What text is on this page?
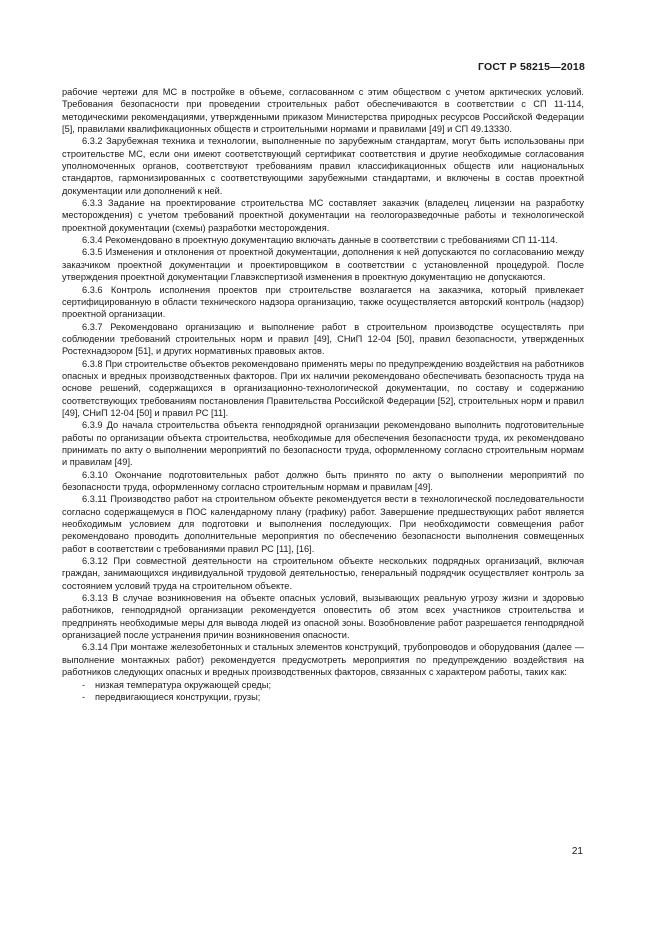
ГОСТ Р 58215—2018

рабочие чертежи для МС в постройке в объеме, согласованном с этим обществом с учетом арктических условий. Требования безопасности при проведении строительных работ обеспечиваются в соответствии с СП 11-114, методическими рекомендациями, утвержденными приказом Министерства природных ресурсов Российской Федерации [5], правилами квалификационных обществ и строительными нормами и правилами [49] и СП 49.13330.

6.3.2 Зарубежная техника и технологии, выполненные по зарубежным стандартам, могут быть использованы при строительстве МС, если они имеют соответствующий сертификат соответствия и другие необходимые согласования уполномоченных органов, соответствуют требованиям правил классификационных обществ или национальных стандартов, гармонизированных с соответствующими зарубежными стандартами, и включены в состав проектной документации или дополнений к ней.

6.3.3 Задание на проектирование строительства МС составляет заказчик (владелец лицензии на разработку месторождения) с учетом требований проектной документации на геологоразведочные работы и технологической проектной документации (схемы) разработки месторождения.

6.3.4 Рекомендовано в проектную документацию включать данные в соответствии с требованиями СП 11-114.

6.3.5 Изменения и отклонения от проектной документации, дополнения к ней допускаются по согласованию между заказчиком проектной документации и проектировщиком в соответствии с установленной процедурой. После утверждения проектной документации Главэкспертизой изменения в проектную документацию не допускаются.

6.3.6 Контроль исполнения проектов при строительстве возлагается на заказчика, который привлекает сертифицированную в области технического надзора организацию, также осуществляется авторский контроль (надзор) проектной организации.

6.3.7 Рекомендовано организацию и выполнение работ в строительном производстве осуществлять при соблюдении требований строительных норм и правил [49], СНиП 12-04 [50], правил безопасности, утвержденных Ростехнадзором [51], и других нормативных правовых актов.

6.3.8 При строительстве объектов рекомендовано применять меры по предупреждению воздействия на работников опасных и вредных производственных факторов. При их наличии рекомендовано обеспечивать безопасность труда на основе решений, содержащихся в организационно-технологической документации, по составу и содержанию соответствующих требованиям постановления Правительства Российской Федерации [52], строительных норм и правил [49], СНиП 12-04 [50] и правил РС [11].

6.3.9 До начала строительства объекта генподрядной организации рекомендовано выполнить подготовительные работы по организации объекта строительства, необходимые для обеспечения безопасности труда, их рекомендовано принимать по акту о выполнении мероприятий по безопасности труда, оформленному согласно строительным нормам и правилам [49].

6.3.10 Окончание подготовительных работ должно быть принято по акту о выполнении мероприятий по безопасности труда, оформленному согласно строительным нормам и правилам [49].

6.3.11 Производство работ на строительном объекте рекомендуется вести в технологической последовательности согласно содержащемуся в ПОС календарному плану (графику) работ. Завершение предшествующих работ является необходимым условием для подготовки и выполнения последующих. При необходимости совмещения работ рекомендовано проводить дополнительные мероприятия по обеспечению безопасности выполнения совмещенных работ в соответствии с требованиями правил РС [11], [16].

6.3.12 При совместной деятельности на строительном объекте нескольких подрядных организаций, включая граждан, занимающихся индивидуальной трудовой деятельностью, генеральный подрядчик осуществляет контроль за состоянием условий труда на строительном объекте.

6.3.13 В случае возникновения на объекте опасных условий, вызывающих реальную угрозу жизни и здоровью работников, генподрядной организации рекомендуется оповестить об этом всех участников строительства и предпринять необходимые меры для вывода людей из опасной зоны. Возобновление работ разрешается генподрядной организацией после устранения причин возникновения опасности.

6.3.14 При монтаже железобетонных и стальных элементов конструкций, трубопроводов и оборудования (далее — выполнение монтажных работ) рекомендуется предусмотреть мероприятия по предупреждению воздействия на работников следующих опасных и вредных производственных факторов, связанных с характером работы, таких как:

- низкая температура окружающей среды;
- передвигающиеся конструкции, грузы;
21
